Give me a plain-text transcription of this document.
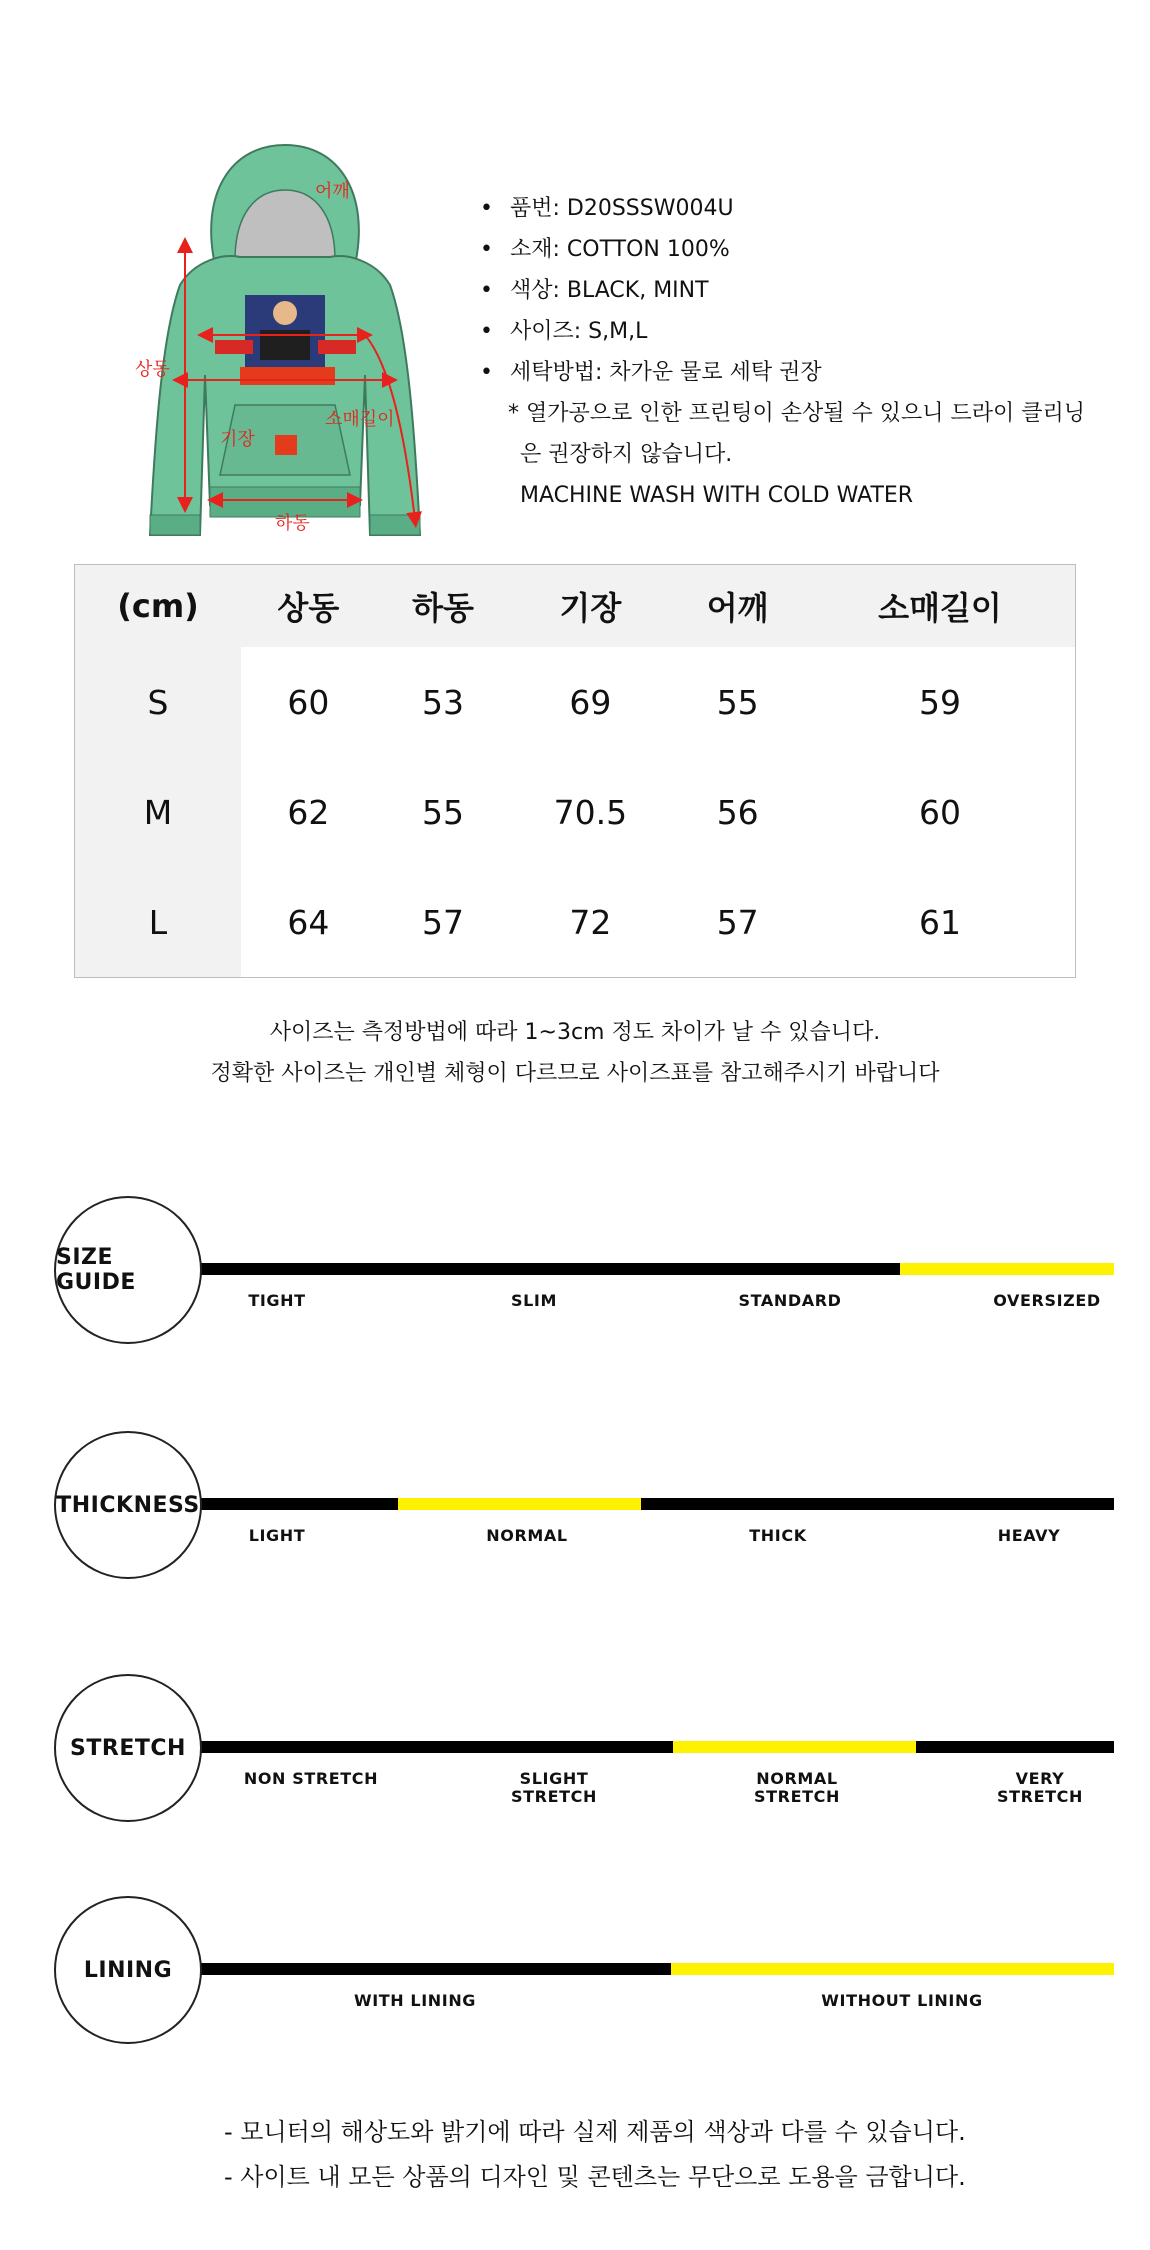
어깨
상동
기장
소매길이
하동
• 품번: D20SSSW004U
• 소재: COTTON 100%
• 색상: BLACK, MINT
• 사이즈: S,M,L
• 세탁방법: 차가운 물로 세탁 권장
* 열가공으로 인한 프린팅이 손상될 수 있으니 드라이 클리닝
은 권장하지 않습니다.
MACHINE WASH WITH COLD WATER
(cm)	상동	하동	기장	어깨	소매길이
S	60	53	69	55	59
M	62	55	70.5	56	60
L	64	57	72	57	61
사이즈는 측정방법에 따라 1~3cm 정도 차이가 날 수 있습니다.
정확한 사이즈는 개인별 체형이 다르므로 사이즈표를 참고해주시기 바랍니다
SIZE GUIDE
TIGHT	SLIM	STANDARD	OVERSIZED
THICKNESS
LIGHT	NORMAL	THICK	HEAVY
STRETCH
NON STRETCH	SLIGHT
STRETCH
NORMAL
STRETCH
VERY
STRETCH
LINING
WITH LINING	WITHOUT LINING
- 모니터의 해상도와 밝기에 따라 실제 제품의 색상과 다를 수 있습니다.
- 사이트 내 모든 상품의 디자인 및 콘텐츠는 무단으로 도용을 금합니다.
